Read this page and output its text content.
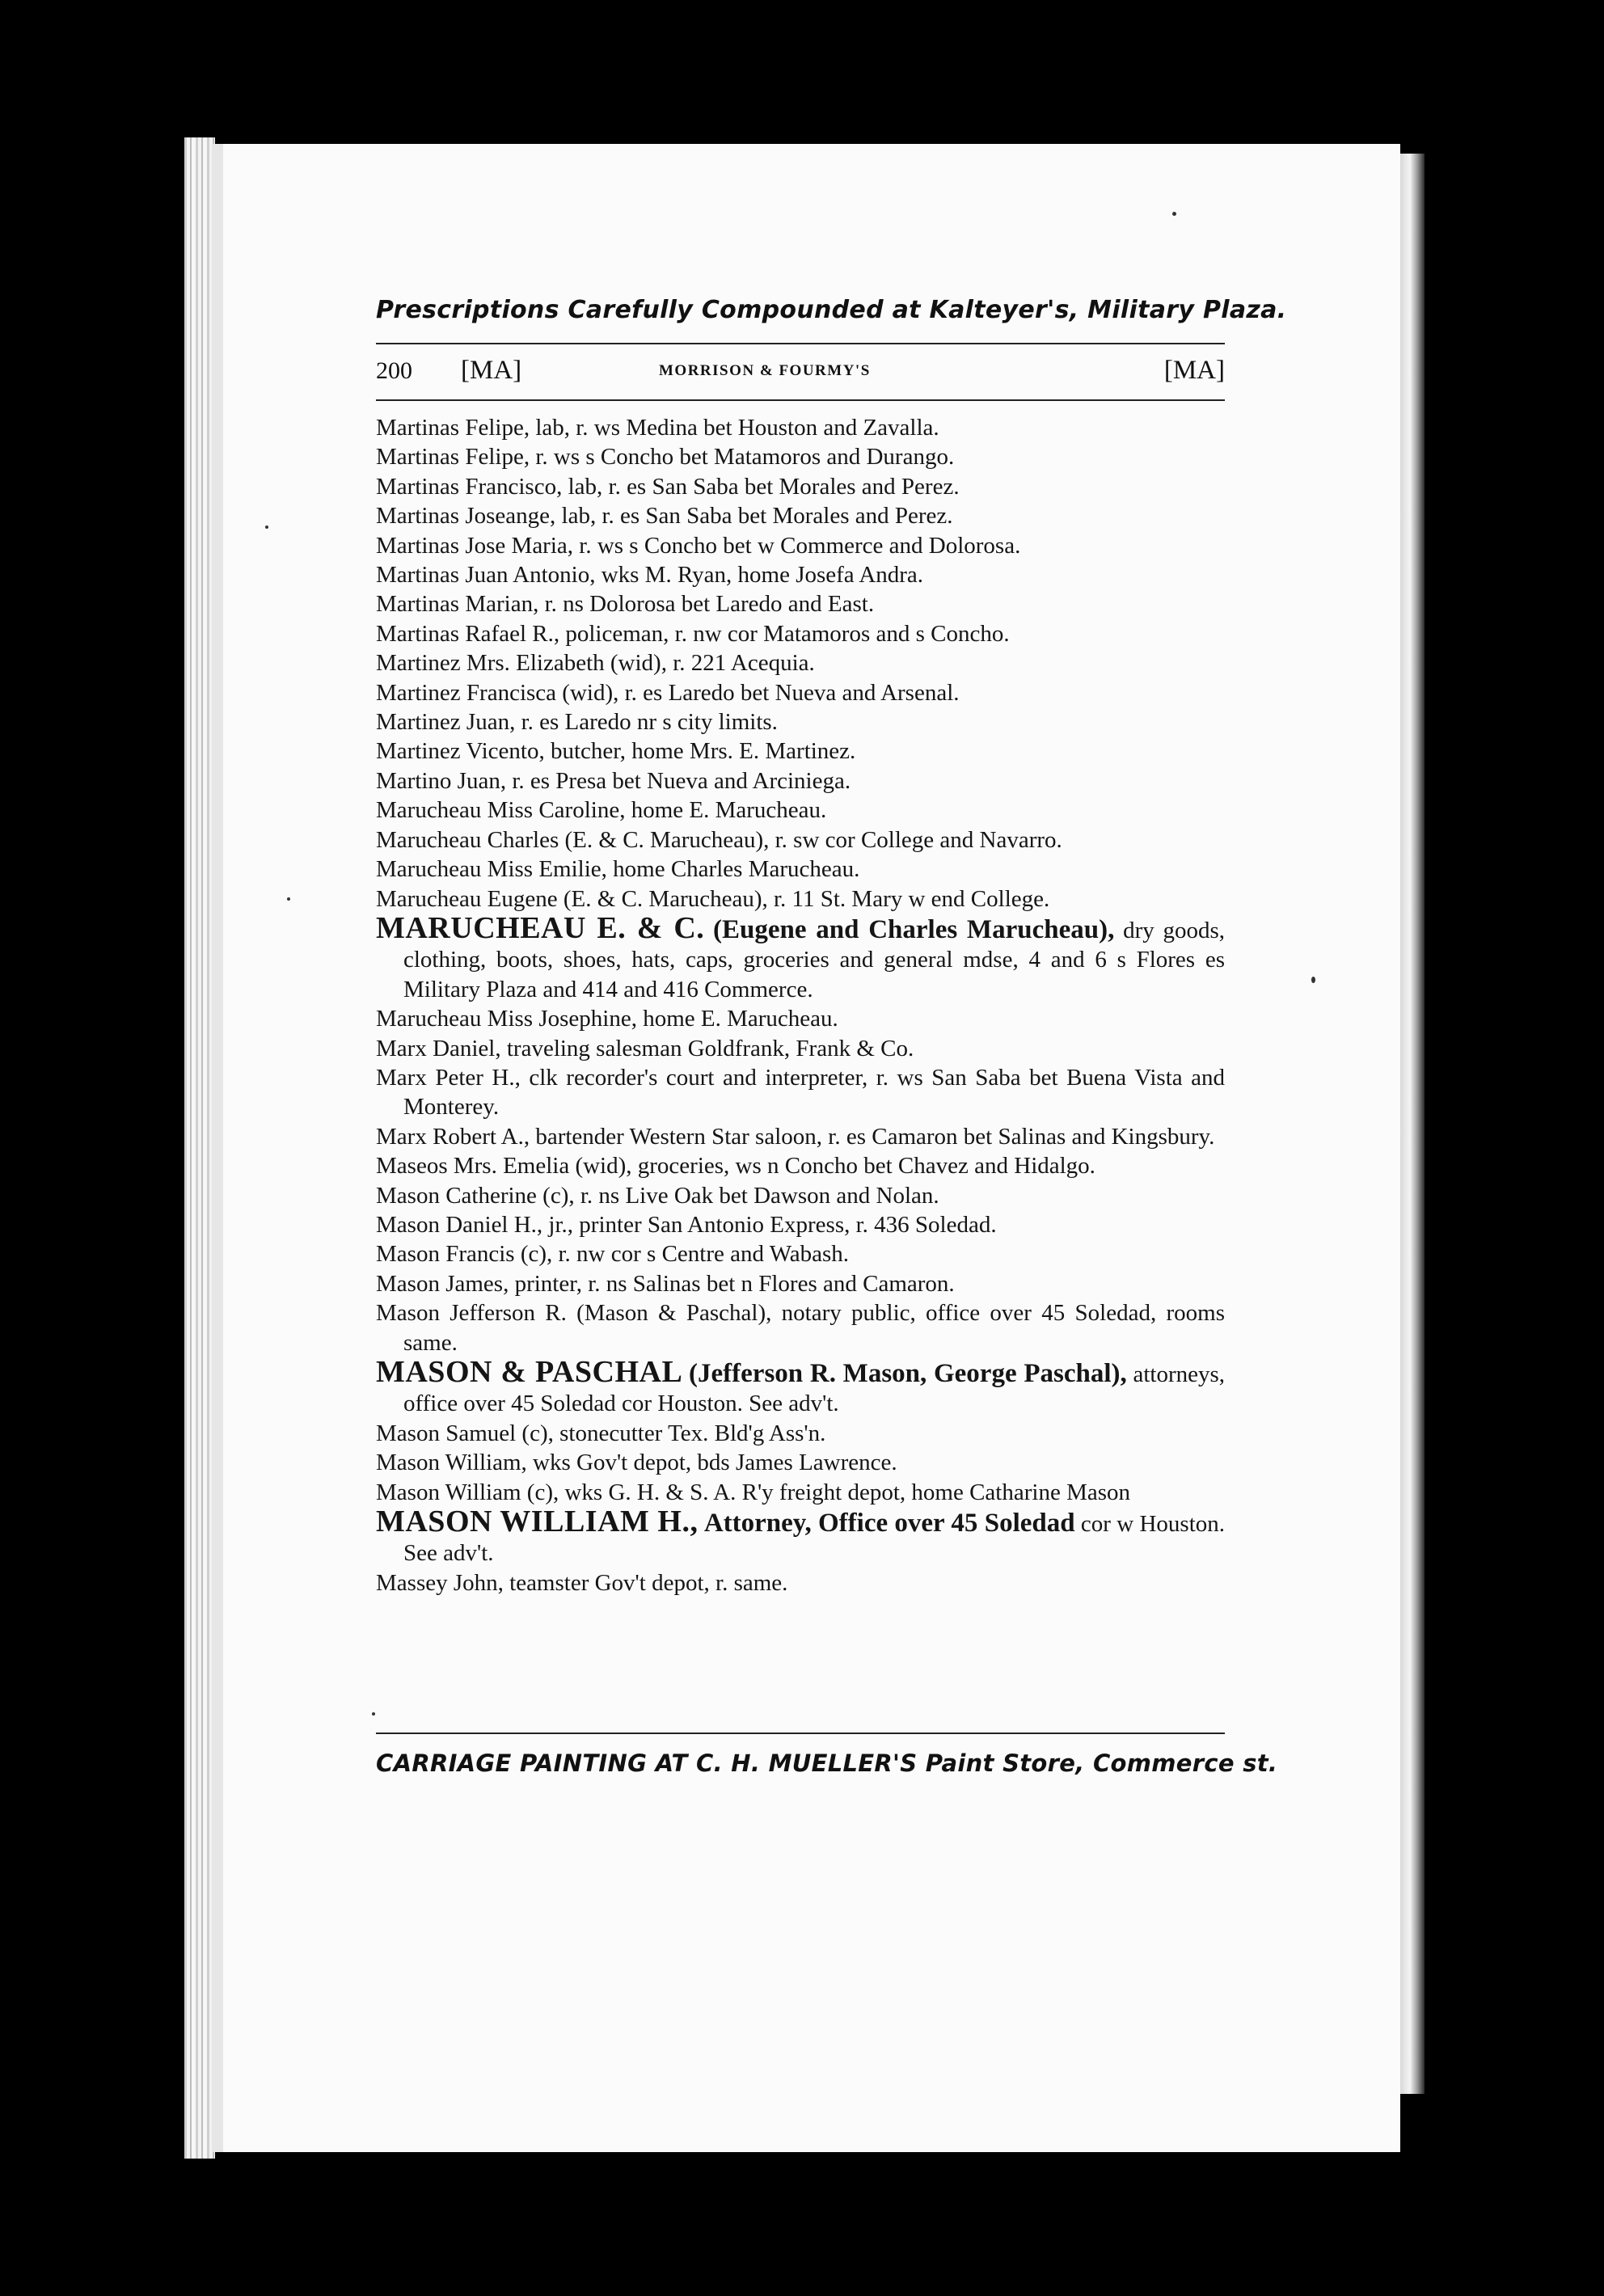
Prescriptions Carefully Compounded at Kalteyer's, Military Plaza.
200 [MA]	MORRISON & FOURMY'S	[MA]

Martinas Felipe, lab, r. ws Medina bet Houston and Zavalla.

Martinas Felipe, r. ws s Concho bet Matamoros and Durango.

Martinas Francisco, lab, r. es San Saba bet Morales and Perez.

Martinas Joseange, lab, r. es San Saba bet Morales and Perez.

Martinas Jose Maria, r. ws s Concho bet w Commerce and Dolorosa.

Martinas Juan Antonio, wks M. Ryan, home Josefa Andra.

Martinas Marian, r. ns Dolorosa bet Laredo and East.

Martinas Rafael R., policeman, r. nw cor Matamoros and s Concho.

Martinez Mrs. Elizabeth (wid), r. 221 Acequia.

Martinez Francisca (wid), r. es Laredo bet Nueva and Arsenal.

Martinez Juan, r. es Laredo nr s city limits.

Martinez Vicento, butcher, home Mrs. E. Martinez.

Martino Juan, r. es Presa bet Nueva and Arciniega.

Marucheau Miss Caroline, home E. Marucheau.

Marucheau Charles (E. & C. Marucheau), r. sw cor College and Navarro.

Marucheau Miss Emilie, home Charles Marucheau.

Marucheau Eugene (E. & C. Marucheau), r. 11 St. Mary w end College.

MARUCHEAU E. & C. (Eugene and Charles Marucheau), dry goods, clothing, boots, shoes, hats, caps, groceries and general mdse, 4 and 6 s Flores es Military Plaza and 414 and 416 Commerce.

Marucheau Miss Josephine, home E. Marucheau.

Marx Daniel, traveling salesman Goldfrank, Frank & Co.

Marx Peter H., clk recorder's court and interpreter, r. ws San Saba bet Buena Vista and Monterey.

Marx Robert A., bartender Western Star saloon, r. es Camaron bet Salinas and Kingsbury.

Maseos Mrs. Emelia (wid), groceries, ws n Concho bet Chavez and Hidalgo.

Mason Catherine (c), r. ns Live Oak bet Dawson and Nolan.

Mason Daniel H., jr., printer San Antonio Express, r. 436 Soledad.

Mason Francis (c), r. nw cor s Centre and Wabash.

Mason James, printer, r. ns Salinas bet n Flores and Camaron.

Mason Jefferson R. (Mason & Paschal), notary public, office over 45 Soledad, rooms same.

MASON & PASCHAL (Jefferson R. Mason, George Paschal), attorneys, office over 45 Soledad cor Houston. See adv't.

Mason Samuel (c), stonecutter Tex. Bld'g Ass'n.

Mason William, wks Gov't depot, bds James Lawrence.

Mason William (c), wks G. H. & S. A. R'y freight depot, home Catharine Mason

MASON WILLIAM H., Attorney, Office over 45 Soledad cor w Houston. See adv't.

Massey John, teamster Gov't depot, r. same.

CARRIAGE PAINTING AT C. H. MUELLER'S Paint Store, Commerce st.
